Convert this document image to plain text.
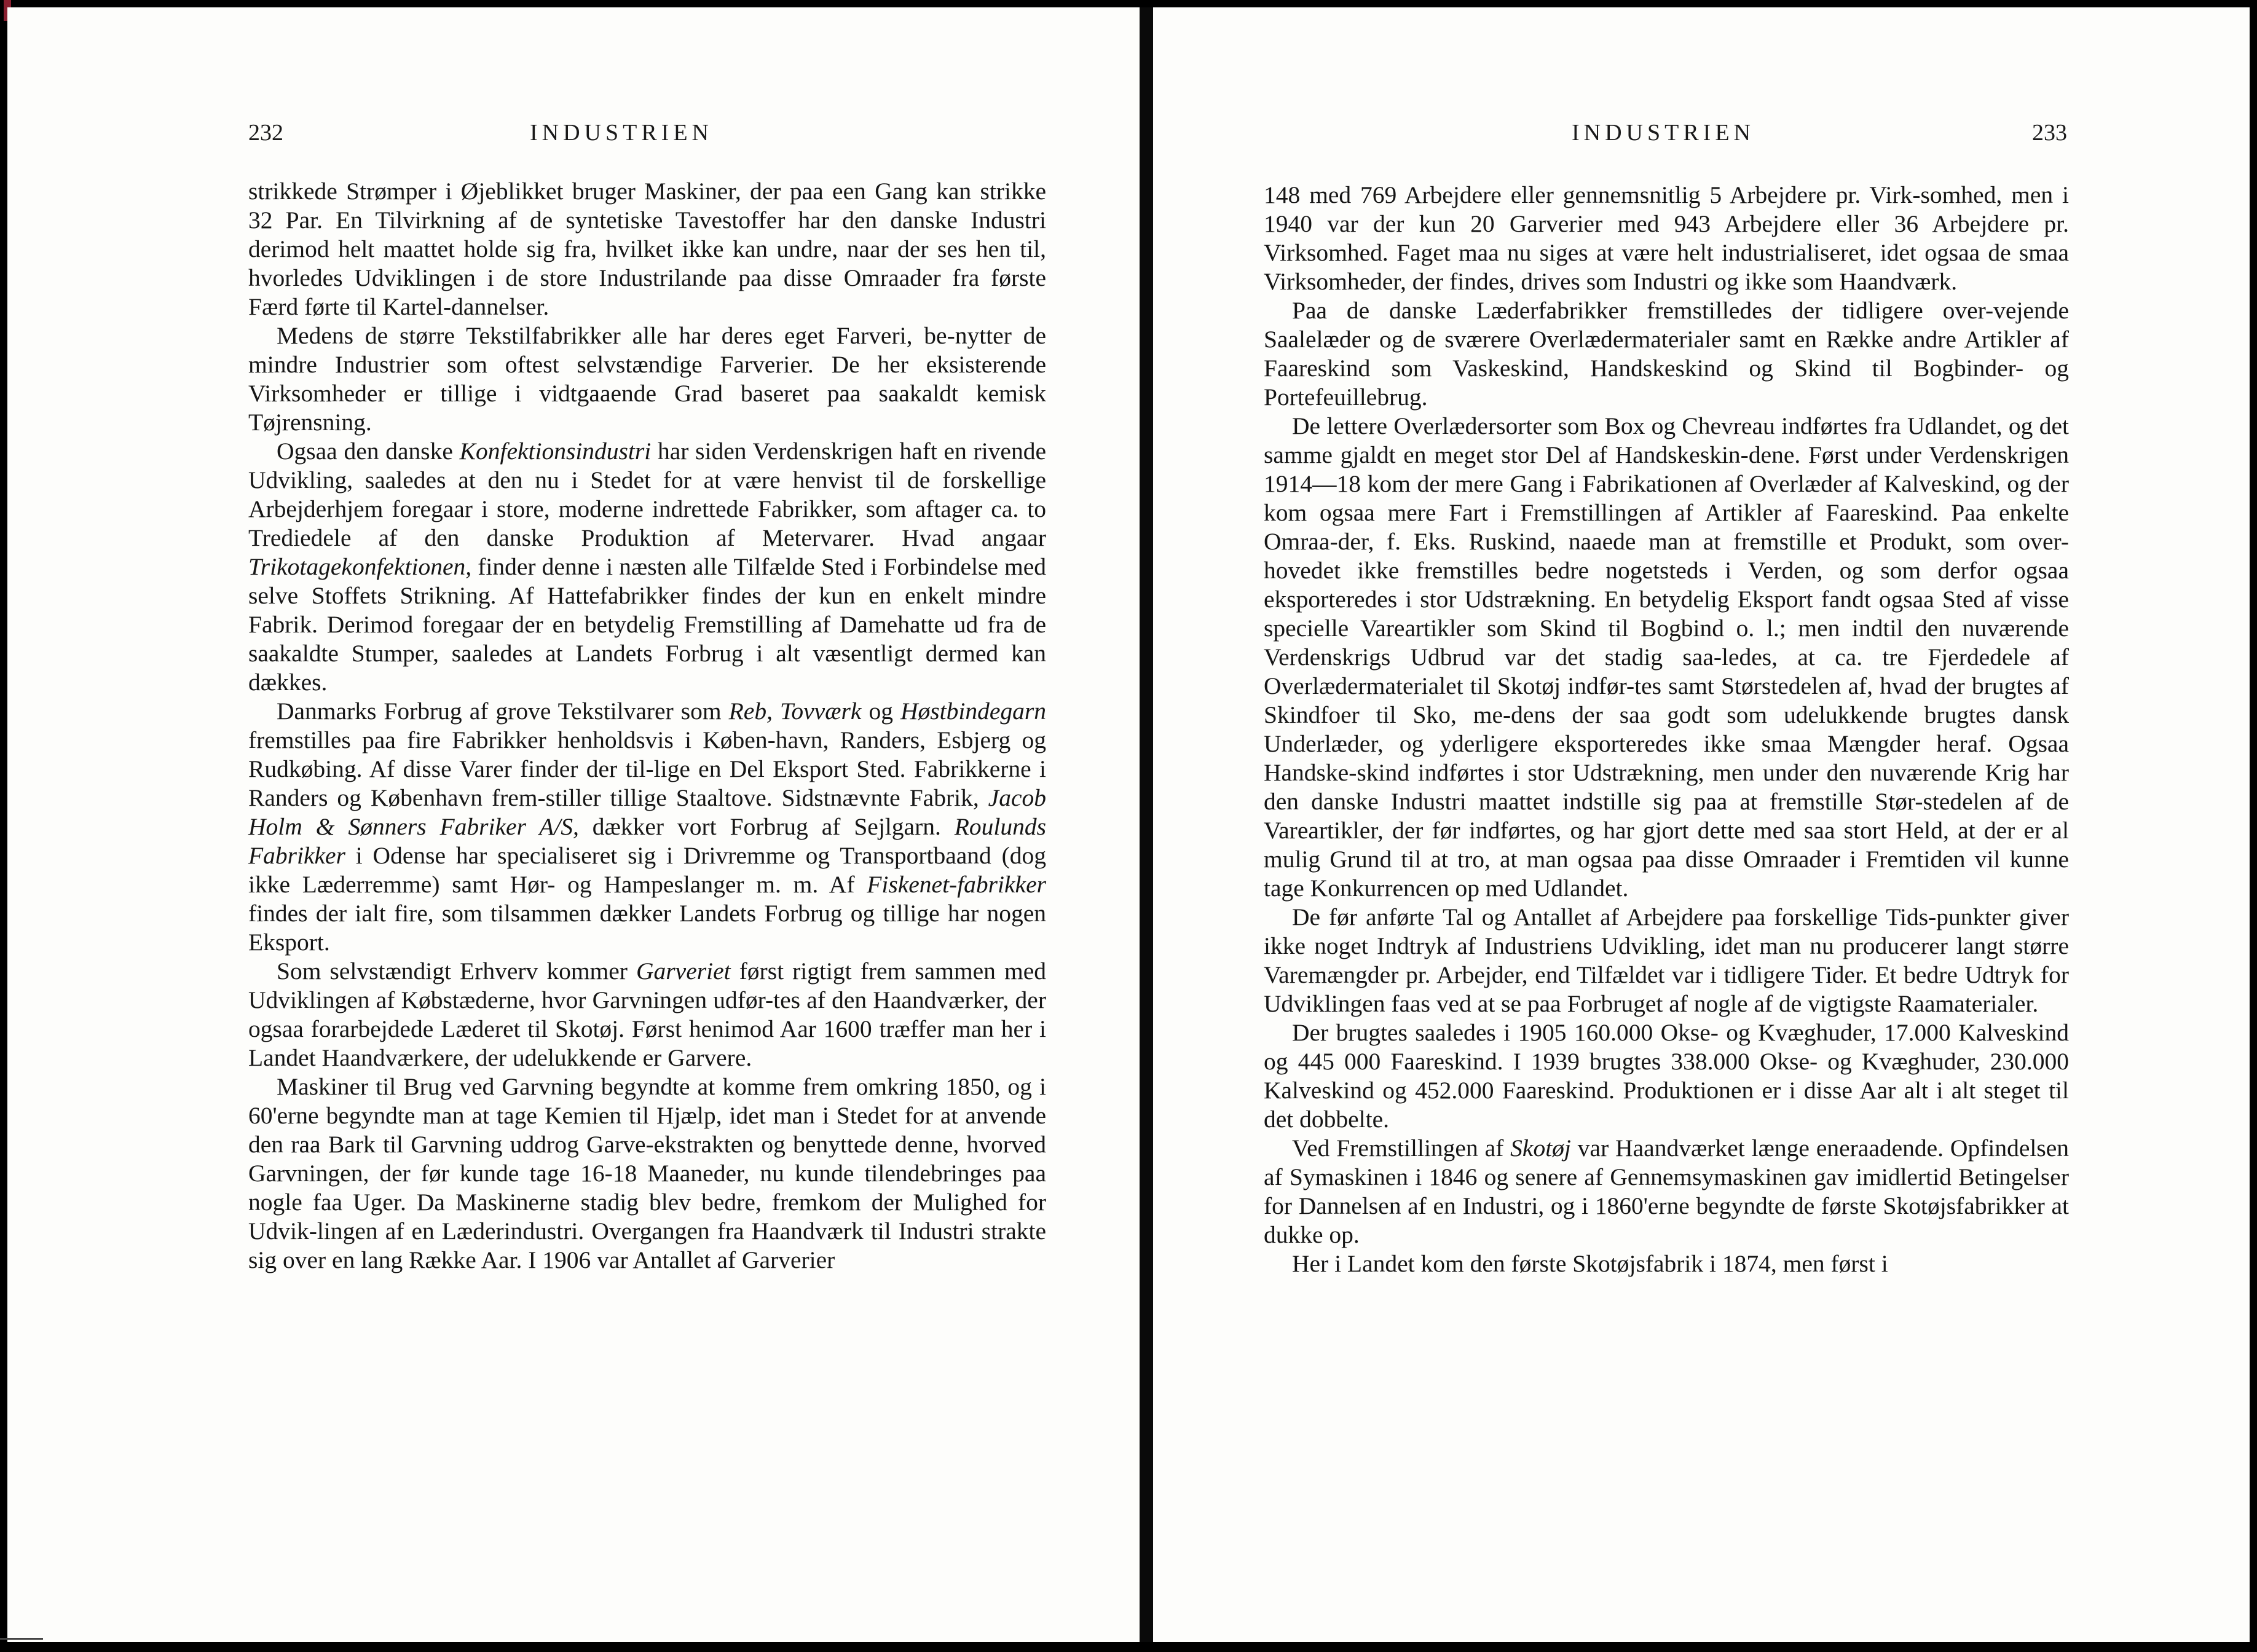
232	INDUSTRIEN

strikkede Strømper i Øjeblikket bruger Maskiner, der paa een Gang kan strikke 32 Par. En Tilvirkning af de syntetiske Tavestoffer har den danske Industri derimod helt maattet holde sig fra, hvilket ikke kan undre, naar der ses hen til, hvorledes Udviklingen i de store Industrilande paa disse Omraader fra første Færd førte til Kartel-dannelser.

Medens de større Tekstilfabrikker alle har deres eget Farveri, be-nytter de mindre Industrier som oftest selvstændige Farverier. De her eksisterende Virksomheder er tillige i vidtgaaende Grad baseret paa saakaldt kemisk Tøjrensning.

Ogsaa den danske Konfektionsindustri har siden Verdenskrigen haft en rivende Udvikling, saaledes at den nu i Stedet for at være henvist til de forskellige Arbejderhjem foregaar i store, moderne indrettede Fabrikker, som aftager ca. to Trediedele af den danske Produktion af Metervarer. Hvad angaar Trikotagekonfektionen, finder denne i næsten alle Tilfælde Sted i Forbindelse med selve Stoffets Strikning. Af Hattefabrikker findes der kun en enkelt mindre Fabrik. Derimod foregaar der en betydelig Fremstilling af Damehatte ud fra de saakaldte Stumper, saaledes at Landets Forbrug i alt væsentligt dermed kan dækkes.

Danmarks Forbrug af grove Tekstilvarer som Reb, Tovværk og Høstbindegarn fremstilles paa fire Fabrikker henholdsvis i Køben-havn, Randers, Esbjerg og Rudkøbing. Af disse Varer finder der til-lige en Del Eksport Sted. Fabrikkerne i Randers og København frem-stiller tillige Staaltove. Sidstnævnte Fabrik, Jacob Holm & Sønners Fabriker A/S, dækker vort Forbrug af Sejlgarn. Roulunds Fabrikker i Odense har specialiseret sig i Drivremme og Transportbaand (dog ikke Læderremme) samt Hør- og Hampeslanger m. m. Af Fiskenet-fabrikker findes der ialt fire, som tilsammen dækker Landets Forbrug og tillige har nogen Eksport.

Som selvstændigt Erhverv kommer Garveriet først rigtigt frem sammen med Udviklingen af Købstæderne, hvor Garvningen udfør-tes af den Haandværker, der ogsaa forarbejdede Læderet til Skotøj. Først henimod Aar 1600 træffer man her i Landet Haandværkere, der udelukkende er Garvere.

Maskiner til Brug ved Garvning begyndte at komme frem omkring 1850, og i 60'erne begyndte man at tage Kemien til Hjælp, idet man i Stedet for at anvende den raa Bark til Garvning uddrog Garve-ekstrakten og benyttede denne, hvorved Garvningen, der før kunde tage 16-18 Maaneder, nu kunde tilendebringes paa nogle faa Uger. Da Maskinerne stadig blev bedre, fremkom der Mulighed for Udvik-lingen af en Læderindustri. Overgangen fra Haandværk til Industri strakte sig over en lang Række Aar. I 1906 var Antallet af Garverier

INDUSTRIEN	233

148 med 769 Arbejdere eller gennemsnitlig 5 Arbejdere pr. Virk-somhed, men i 1940 var der kun 20 Garverier med 943 Arbejdere eller 36 Arbejdere pr. Virksomhed. Faget maa nu siges at være helt industrialiseret, idet ogsaa de smaa Virksomheder, der findes, drives som Industri og ikke som Haandværk.

Paa de danske Læderfabrikker fremstilledes der tidligere over-vejende Saalelæder og de sværere Overlædermaterialer samt en Række andre Artikler af Faareskind som Vaskeskind, Handskeskind og Skind til Bogbinder- og Portefeuillebrug.

De lettere Overlædersorter som Box og Chevreau indførtes fra Udlandet, og det samme gjaldt en meget stor Del af Handskeskin-dene. Først under Verdenskrigen 1914—18 kom der mere Gang i Fabrikationen af Overlæder af Kalveskind, og der kom ogsaa mere Fart i Fremstillingen af Artikler af Faareskind. Paa enkelte Omraa-der, f. Eks. Ruskind, naaede man at fremstille et Produkt, som over-hovedet ikke fremstilles bedre nogetsteds i Verden, og som derfor ogsaa eksporteredes i stor Udstrækning. En betydelig Eksport fandt ogsaa Sted af visse specielle Vareartikler som Skind til Bogbind o. l.; men indtil den nuværende Verdenskrigs Udbrud var det stadig saa-ledes, at ca. tre Fjerdedele af Overlædermaterialet til Skotøj indfør-tes samt Størstedelen af, hvad der brugtes af Skindfoer til Sko, me-dens der saa godt som udelukkende brugtes dansk Underlæder, og yderligere eksporteredes ikke smaa Mængder heraf. Ogsaa Handske-skind indførtes i stor Udstrækning, men under den nuværende Krig har den danske Industri maattet indstille sig paa at fremstille Stør-stedelen af de Vareartikler, der før indførtes, og har gjort dette med saa stort Held, at der er al mulig Grund til at tro, at man ogsaa paa disse Omraader i Fremtiden vil kunne tage Konkurrencen op med Udlandet.

De før anførte Tal og Antallet af Arbejdere paa forskellige Tids-punkter giver ikke noget Indtryk af Industriens Udvikling, idet man nu producerer langt større Varemængder pr. Arbejder, end Tilfældet var i tidligere Tider. Et bedre Udtryk for Udviklingen faas ved at se paa Forbruget af nogle af de vigtigste Raamaterialer.

Der brugtes saaledes i 1905 160.000 Okse- og Kvæghuder, 17.000 Kalveskind og 445 000 Faareskind. I 1939 brugtes 338.000 Okse- og Kvæghuder, 230.000 Kalveskind og 452.000 Faareskind. Produktionen er i disse Aar alt i alt steget til det dobbelte.

Ved Fremstillingen af Skotøj var Haandværket længe eneraadende. Opfindelsen af Symaskinen i 1846 og senere af Gennemsymaskinen gav imidlertid Betingelser for Dannelsen af en Industri, og i 1860'erne begyndte de første Skotøjsfabrikker at dukke op.

Her i Landet kom den første Skotøjsfabrik i 1874, men først i
